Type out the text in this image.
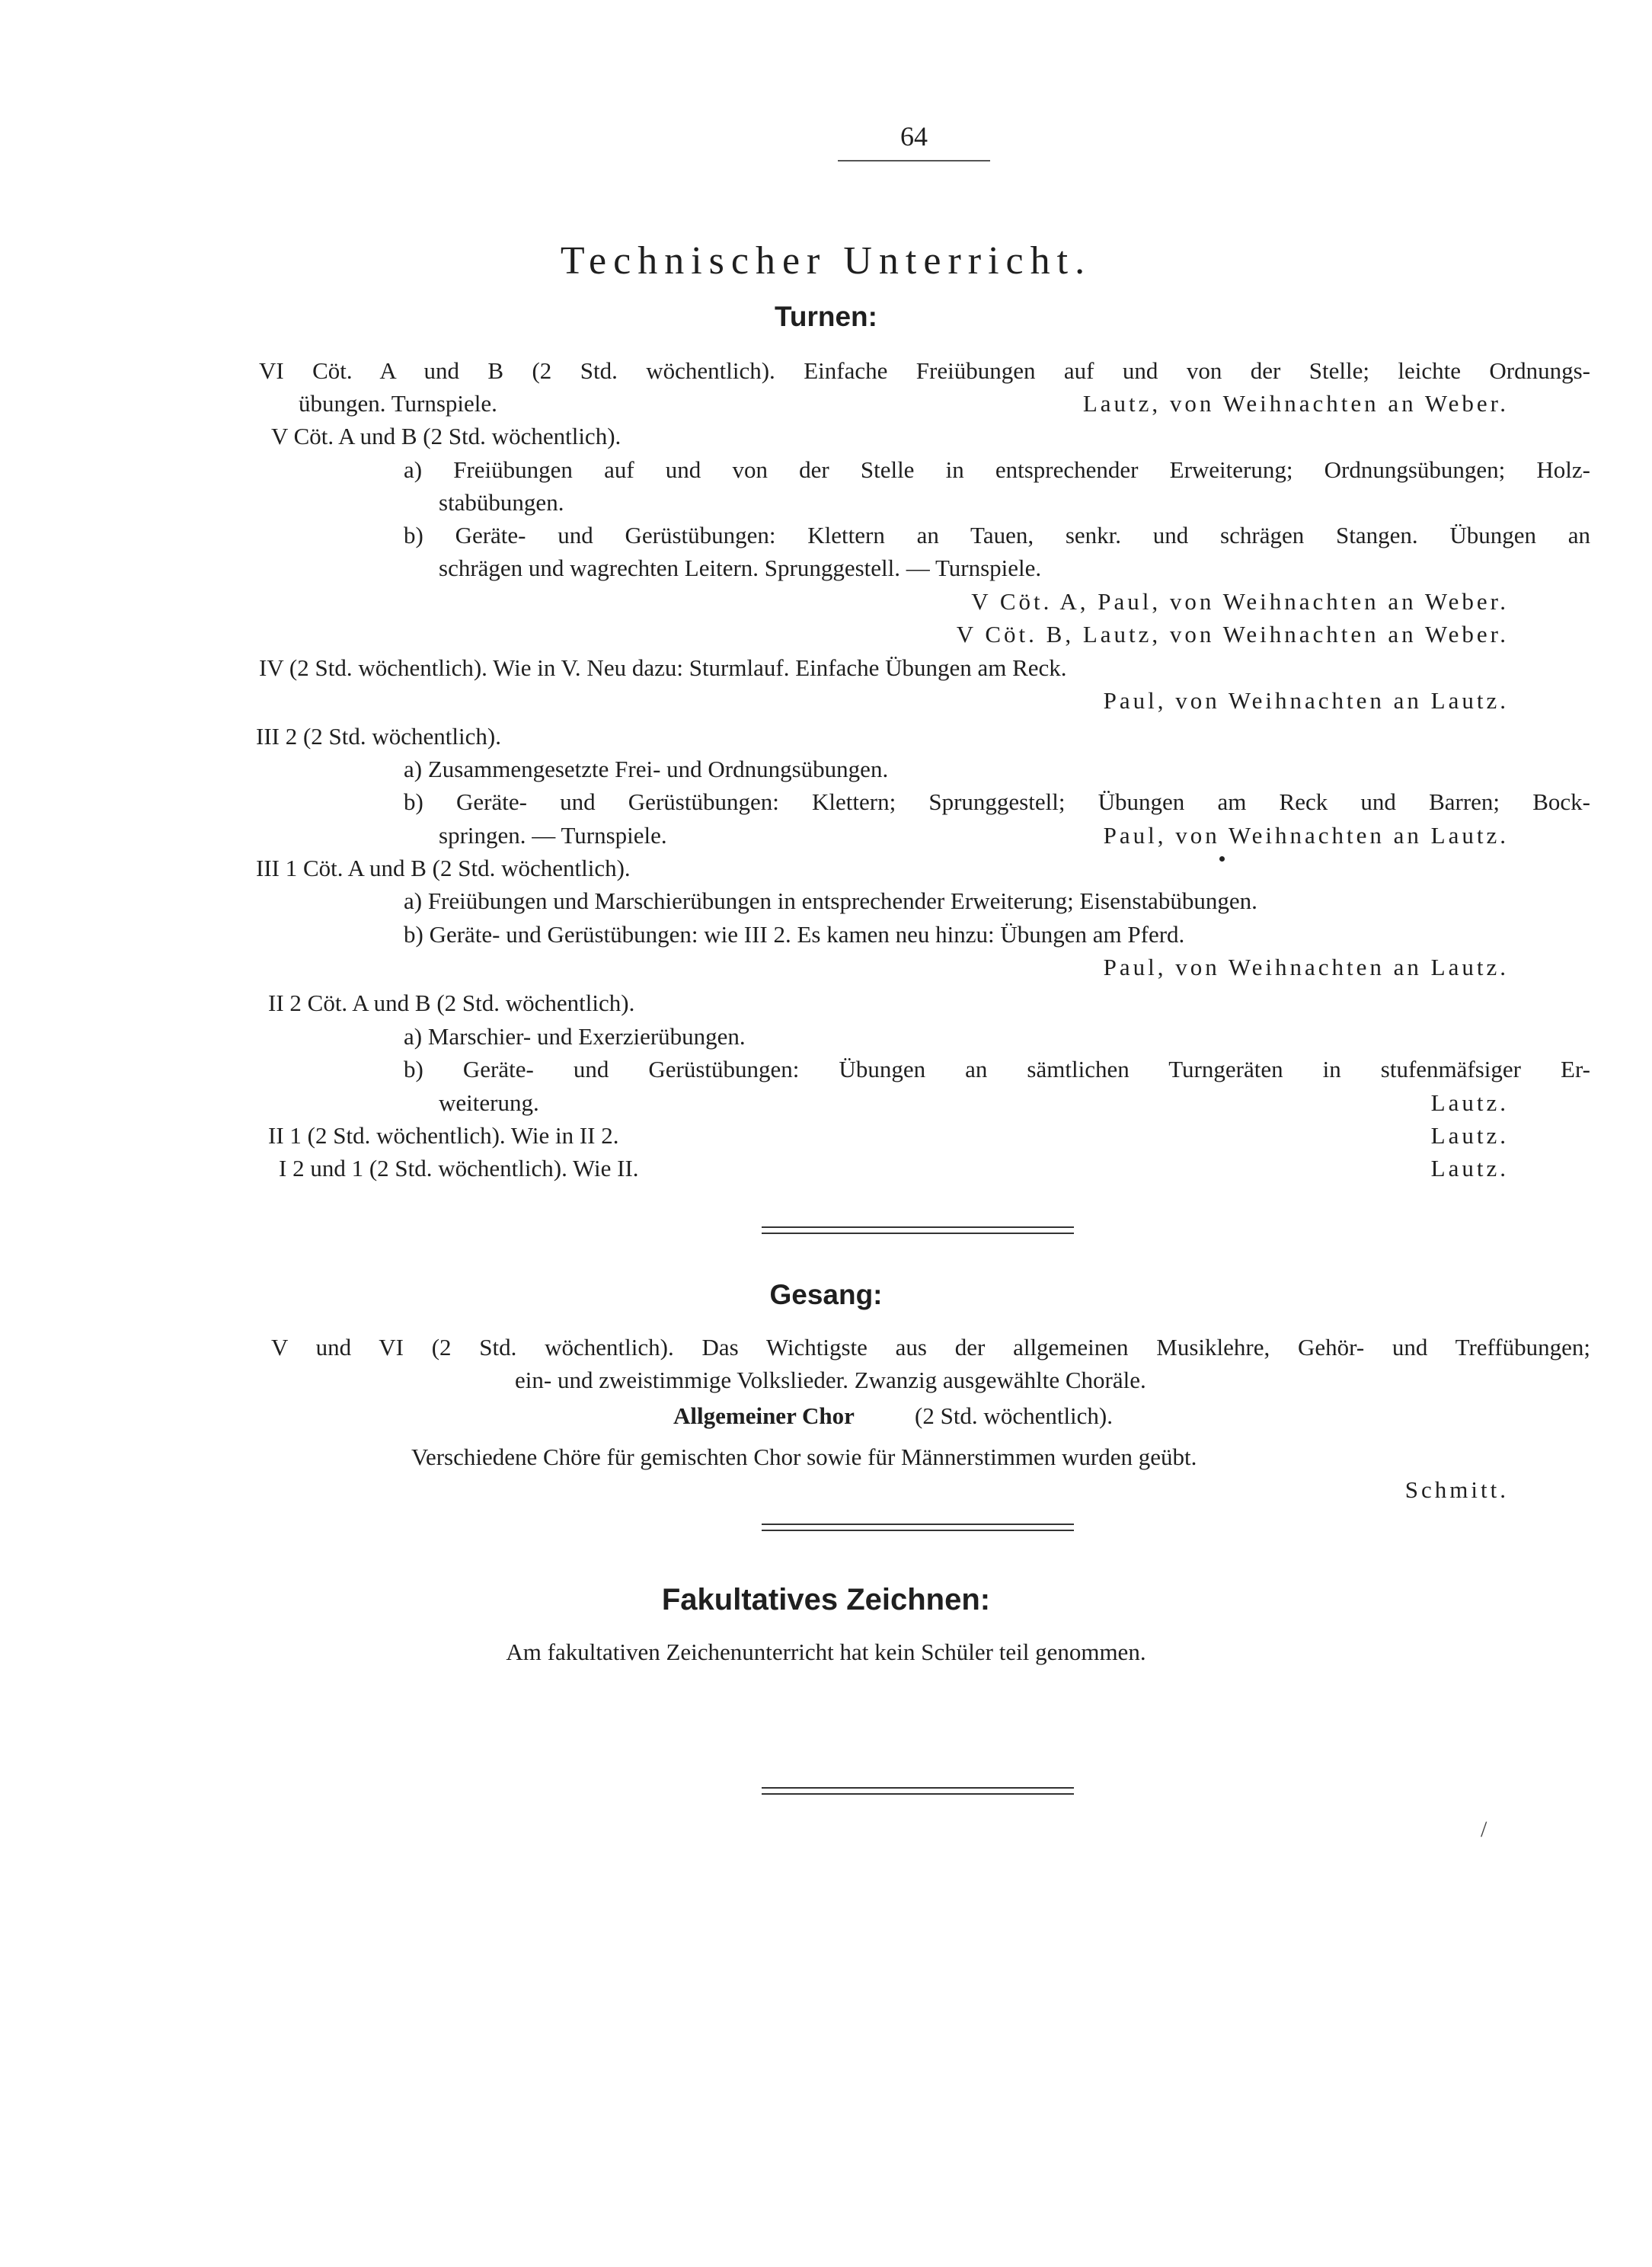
64
Technischer Unterricht.
Turnen:
VI Cöt. A und B (2 Std. wöchentlich). Einfache Freiübungen auf und von der Stelle; leichte Ordnungs-
übungen. Turnspiele.	Lautz, von Weihnachten an Weber.
V Cöt. A und B (2 Std. wöchentlich).
a) Freiübungen auf und von der Stelle in entsprechender Erweiterung; Ordnungsübungen; Holz-
stabübungen.
b) Geräte- und Gerüstübungen: Klettern an Tauen, senkr. und schrägen Stangen. Übungen an
schrägen und wagrechten Leitern. Sprunggestell. — Turnspiele.
V Cöt. A, Paul, von Weihnachten an Weber.
V Cöt. B, Lautz, von Weihnachten an Weber.
IV (2 Std. wöchentlich). Wie in V. Neu dazu: Sturmlauf. Einfache Übungen am Reck.
Paul, von Weihnachten an Lautz.
III 2 (2 Std. wöchentlich).
a) Zusammengesetzte Frei- und Ordnungsübungen.
b) Geräte- und Gerüstübungen: Klettern; Sprunggestell; Übungen am Reck und Barren; Bock-
springen. — Turnspiele.	Paul, von Weihnachten an Lautz.
III 1 Cöt. A und B (2 Std. wöchentlich).
a) Freiübungen und Marschierübungen in entsprechender Erweiterung; Eisenstabübungen.
b) Geräte- und Gerüstübungen: wie III 2. Es kamen neu hinzu: Übungen am Pferd.
Paul, von Weihnachten an Lautz.
II 2 Cöt. A und B (2 Std. wöchentlich).
a) Marschier- und Exerzierübungen.
b) Geräte- und Gerüstübungen: Übungen an sämtlichen Turngeräten in stufenmäfsiger Er-
weiterung.	Lautz.
II 1 (2 Std. wöchentlich). Wie in II 2.	Lautz.
I 2 und 1 (2 Std. wöchentlich). Wie II.	Lautz.
Gesang:
V und VI (2 Std. wöchentlich). Das Wichtigste aus der allgemeinen Musiklehre, Gehör- und Treffübungen;
ein- und zweistimmige Volkslieder. Zwanzig ausgewählte Choräle.
Allgemeiner Chor	(2 Std. wöchentlich).
Verschiedene Chöre für gemischten Chor sowie für Männerstimmen wurden geübt.
Schmitt.
Fakultatives Zeichnen:
Am fakultativen Zeichenunterricht hat kein Schüler teil genommen.
/
